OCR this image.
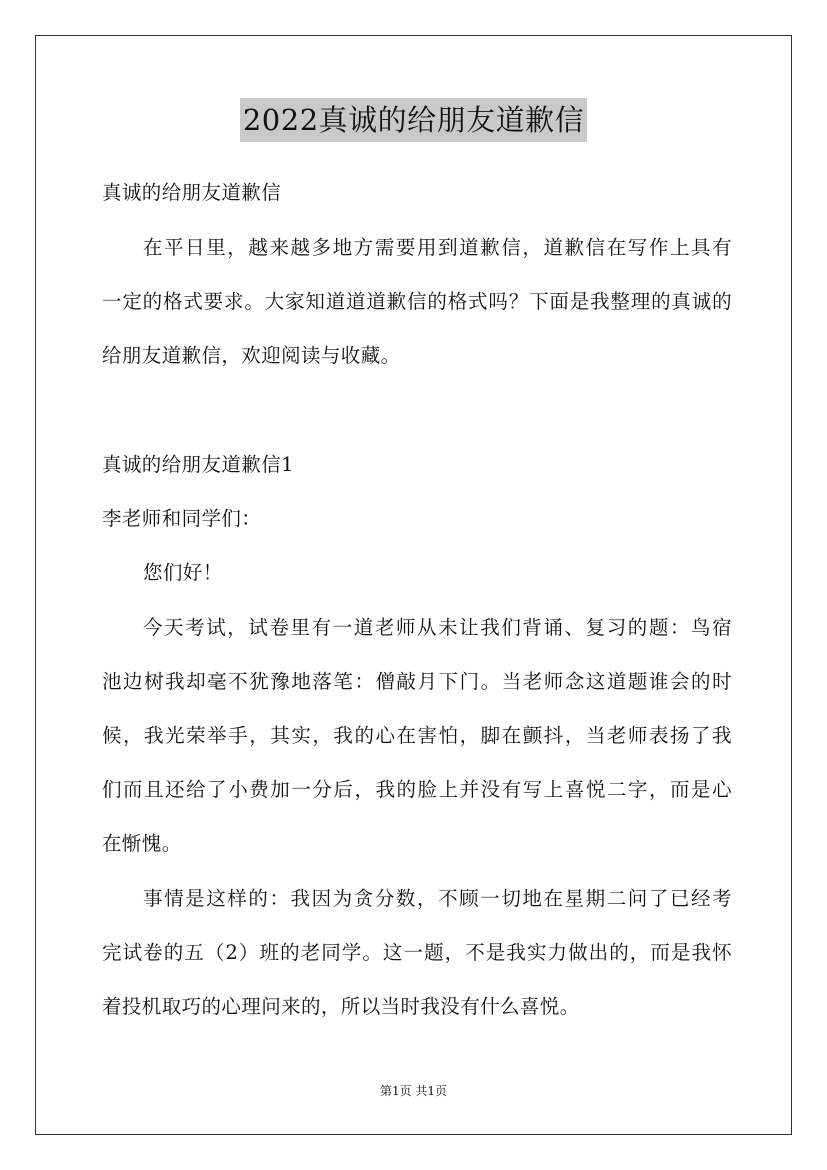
2022真诚的给朋友道歉信
真诚的给朋友道歉信
在平日里，越来越多地方需要用到道歉信，道歉信在写作上具有
一定的格式要求。大家知道道道歉信的格式吗？下面是我整理的真诚的
给朋友道歉信，欢迎阅读与收藏。
真诚的给朋友道歉信1
李老师和同学们：
您们好！
今天考试，试卷里有一道老师从未让我们背诵、复习的题：鸟宿
池边树我却毫不犹豫地落笔：僧敲月下门。当老师念这道题谁会的时
候，我光荣举手，其实，我的心在害怕，脚在颤抖，当老师表扬了我
们而且还给了小费加一分后，我的脸上并没有写上喜悦二字，而是心
在惭愧。
事情是这样的：我因为贪分数，不顾一切地在星期二问了已经考
完试卷的五（2）班的老同学。这一题，不是我实力做出的，而是我怀
着投机取巧的心理问来的，所以当时我没有什么喜悦。
第1页 共1页
